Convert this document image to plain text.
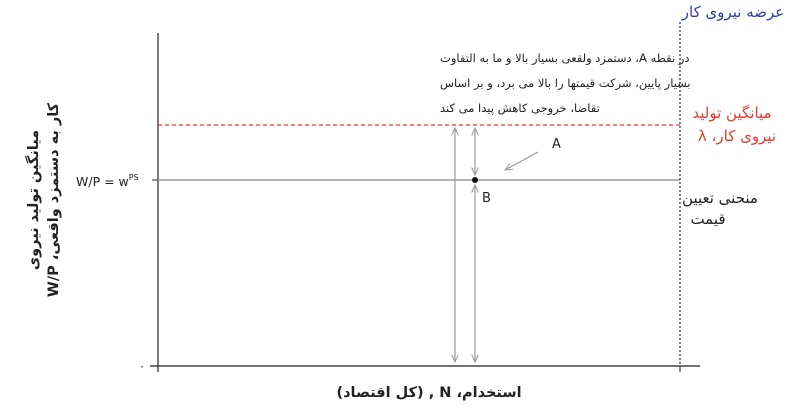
عرضه نیروی کار
در نقطه A، دستمزد ولقعی بسیار بالا و ما به التفاوت
بسیار پایین، شرکت قیمتها را بالا می برد، و بر اساس
تقاضا، خروجی کاهش پیدا می کند	میانگین تولید
نیروی کار، λ
منحنی تعیین
قیمت
A
B
$W/P = w^{PS}$
۰
میانگین تولید نیروی
کار به دستمزد واقعی، W/P
استخدام، N , (کل اقتصاد)
